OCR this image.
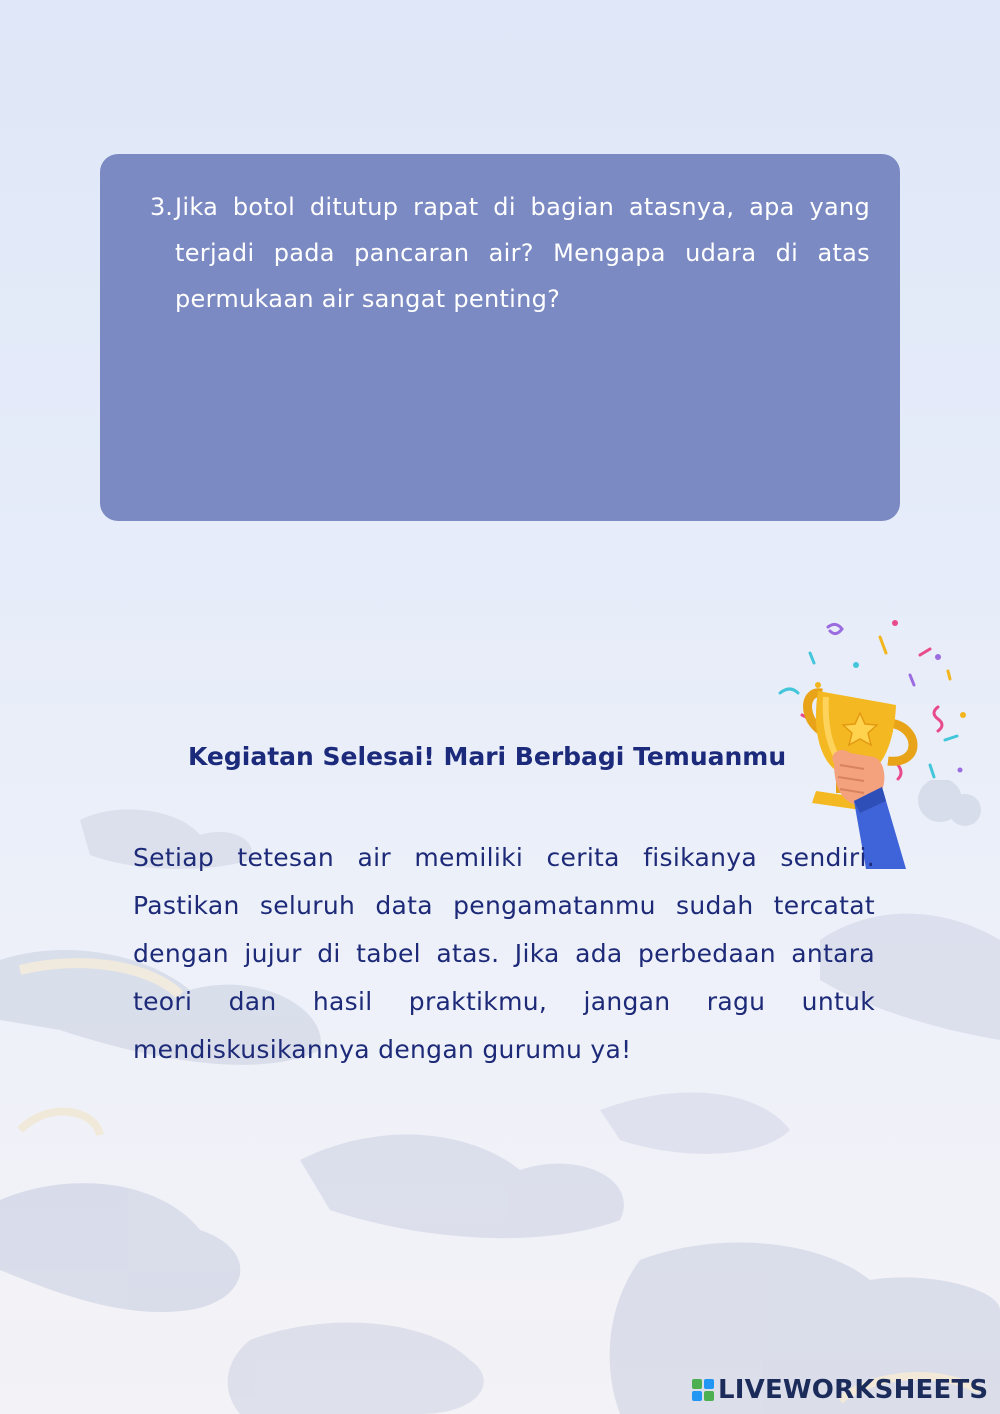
3. Jika botol ditutup rapat di bagian atasnya, apa yang terjadi pada pancaran air? Mengapa udara di atas permukaan air sangat penting?

Kegiatan Selesai! Mari Berbagi Temuanmu

Setiap tetesan air memiliki cerita fisikanya sendiri. Pastikan seluruh data pengamatanmu sudah tercatat dengan jujur di tabel atas. Jika ada perbedaan antara teori dan hasil praktikmu, jangan ragu untuk mendiskusikannya dengan gurumu ya!

LIVEWORKSHEETS
